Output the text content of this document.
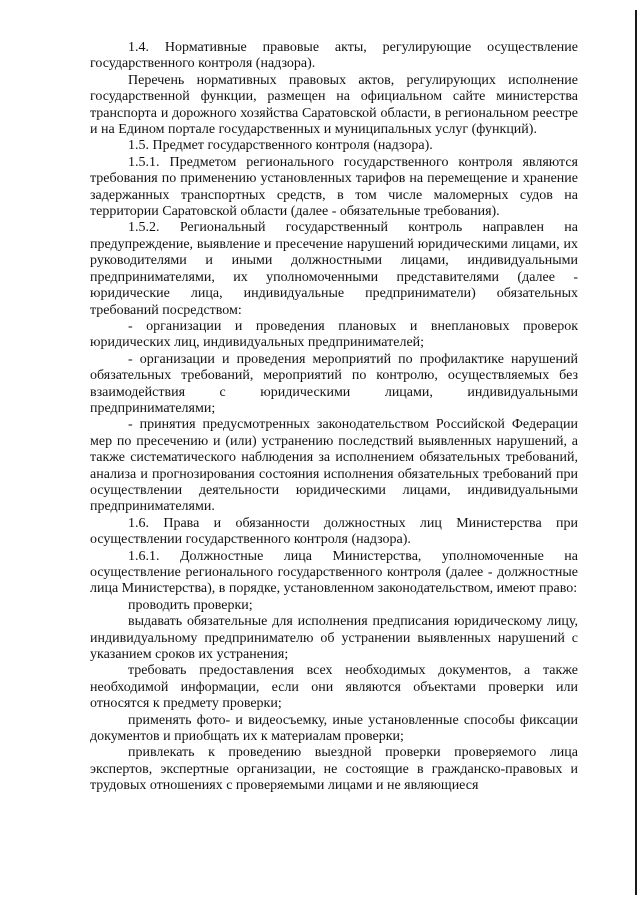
1.4. Нормативные правовые акты, регулирующие осуществление государственного контроля (надзора).

Перечень нормативных правовых актов, регулирующих исполнение государственной функции, размещен на официальном сайте министерства транспорта и дорожного хозяйства Саратовской области, в региональном реестре и на Едином портале государственных и муниципальных услуг (функций).

1.5. Предмет государственного контроля (надзора).

1.5.1. Предметом регионального государственного контроля являются требования по применению установленных тарифов на перемещение и хранение задержанных транспортных средств, в том числе маломерных судов на территории Саратовской области (далее - обязательные требования).

1.5.2. Региональный государственный контроль направлен на предупреждение, выявление и пресечение нарушений юридическими лицами, их руководителями и иными должностными лицами, индивидуальными предпринимателями, их уполномоченными представителями (далее - юридические лица, индивидуальные предприниматели) обязательных требований посредством:

- организации и проведения плановых и внеплановых проверок юридических лиц, индивидуальных предпринимателей;

- организации и проведения мероприятий по профилактике нарушений обязательных требований, мероприятий по контролю, осуществляемых без взаимодействия с юридическими лицами, индивидуальными предпринимателями;

- принятия предусмотренных законодательством Российской Федерации мер по пресечению и (или) устранению последствий выявленных нарушений, а также систематического наблюдения за исполнением обязательных требований, анализа и прогнозирования состояния исполнения обязательных требований при осуществлении деятельности юридическими лицами, индивидуальными предпринимателями.

1.6. Права и обязанности должностных лиц Министерства при осуществлении государственного контроля (надзора).

1.6.1. Должностные лица Министерства, уполномоченные на осуществление регионального государственного контроля (далее - должностные лица Министерства), в порядке, установленном законодательством, имеют право:

проводить проверки;

выдавать обязательные для исполнения предписания юридическому лицу, индивидуальному предпринимателю об устранении выявленных нарушений с указанием сроков их устранения;

требовать предоставления всех необходимых документов, а также необходимой информации, если они являются объектами проверки или относятся к предмету проверки;

применять фото- и видеосъемку, иные установленные способы фиксации документов и приобщать их к материалам проверки;

привлекать к проведению выездной проверки проверяемого лица экспертов, экспертные организации, не состоящие в гражданско-правовых и трудовых отношениях с проверяемыми лицами и не являющиеся
